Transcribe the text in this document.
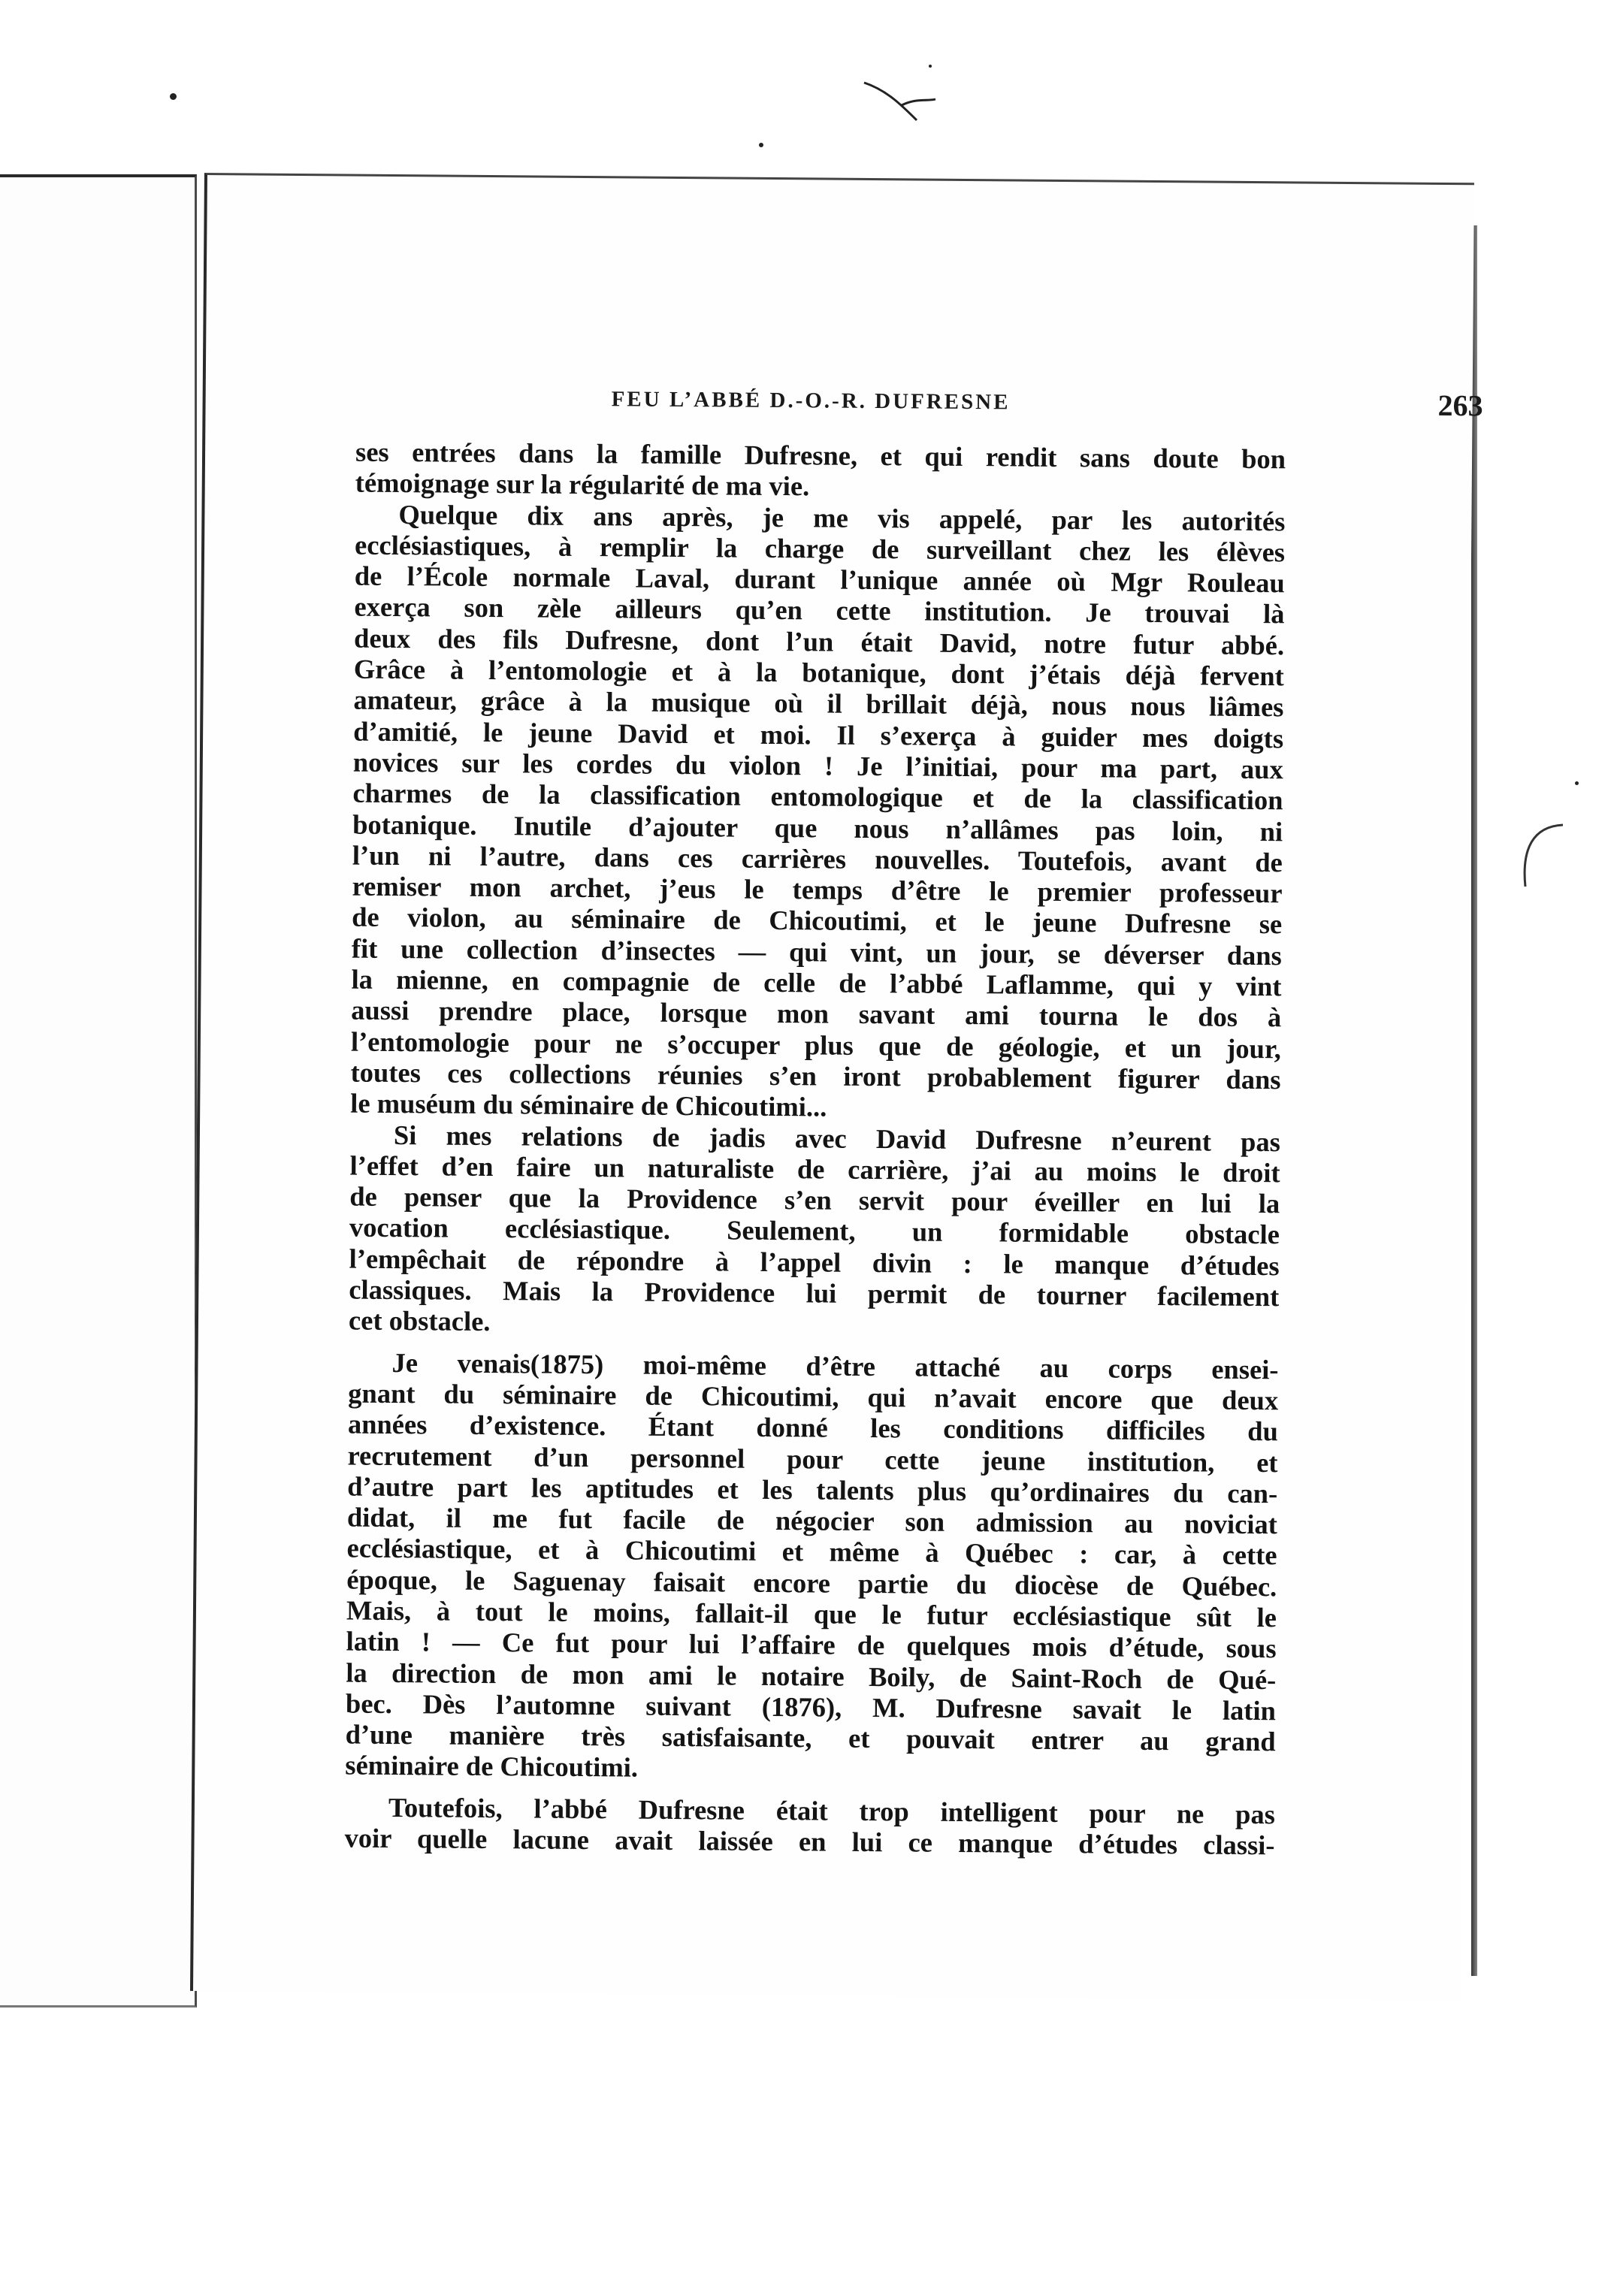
FEU L’ABBÉ D.-O.-R. DUFRESNE	263
ses entrées dans la famille Dufresne, et qui rendit sans doute bon
témoignage sur la régularité de ma vie.
Quelque dix ans après, je me vis appelé, par les autorités
ecclésiastiques, à remplir la charge de surveillant chez les élèves
de l’École normale Laval, durant l’unique année où Mgr Rouleau
exerça son zèle ailleurs qu’en cette institution. Je trouvai là
deux des fils Dufresne, dont l’un était David, notre futur abbé.
Grâce à l’entomologie et à la botanique, dont j’étais déjà fervent
amateur, grâce à la musique où il brillait déjà, nous nous liâmes
d’amitié, le jeune David et moi. Il s’exerça à guider mes doigts
novices sur les cordes du violon ! Je l’initiai, pour ma part, aux
charmes de la classification entomologique et de la classification
botanique. Inutile d’ajouter que nous n’allâmes pas loin, ni
l’un ni l’autre, dans ces carrières nouvelles. Toutefois, avant de
remiser mon archet, j’eus le temps d’être le premier professeur
de violon, au séminaire de Chicoutimi, et le jeune Dufresne se
fit une collection d’insectes — qui vint, un jour, se déverser dans
la mienne, en compagnie de celle de l’abbé Laflamme, qui y vint
aussi prendre place, lorsque mon savant ami tourna le dos à
l’entomologie pour ne s’occuper plus que de géologie, et un jour,
toutes ces collections réunies s’en iront probablement figurer dans
le muséum du séminaire de Chicoutimi...
Si mes relations de jadis avec David Dufresne n’eurent pas
l’effet d’en faire un naturaliste de carrière, j’ai au moins le droit
de penser que la Providence s’en servit pour éveiller en lui la
vocation ecclésiastique. Seulement, un formidable obstacle
l’empêchait de répondre à l’appel divin : le manque d’études
classiques. Mais la Providence lui permit de tourner facilement
cet obstacle.
Je venais(1875) moi-même d’être attaché au corps ensei-
gnant du séminaire de Chicoutimi, qui n’avait encore que deux
années d’existence. Étant donné les conditions difficiles du
recrutement d’un personnel pour cette jeune institution, et
d’autre part les aptitudes et les talents plus qu’ordinaires du can-
didat, il me fut facile de négocier son admission au noviciat
ecclésiastique, et à Chicoutimi et même à Québec : car, à cette
époque, le Saguenay faisait encore partie du diocèse de Québec.
Mais, à tout le moins, fallait-il que le futur ecclésiastique sût le
latin ! — Ce fut pour lui l’affaire de quelques mois d’étude, sous
la direction de mon ami le notaire Boily, de Saint-Roch de Qué-
bec. Dès l’automne suivant (1876), M. Dufresne savait le latin
d’une manière très satisfaisante, et pouvait entrer au grand
séminaire de Chicoutimi.
Toutefois, l’abbé Dufresne était trop intelligent pour ne pas
voir quelle lacune avait laissée en lui ce manque d’études classi-
